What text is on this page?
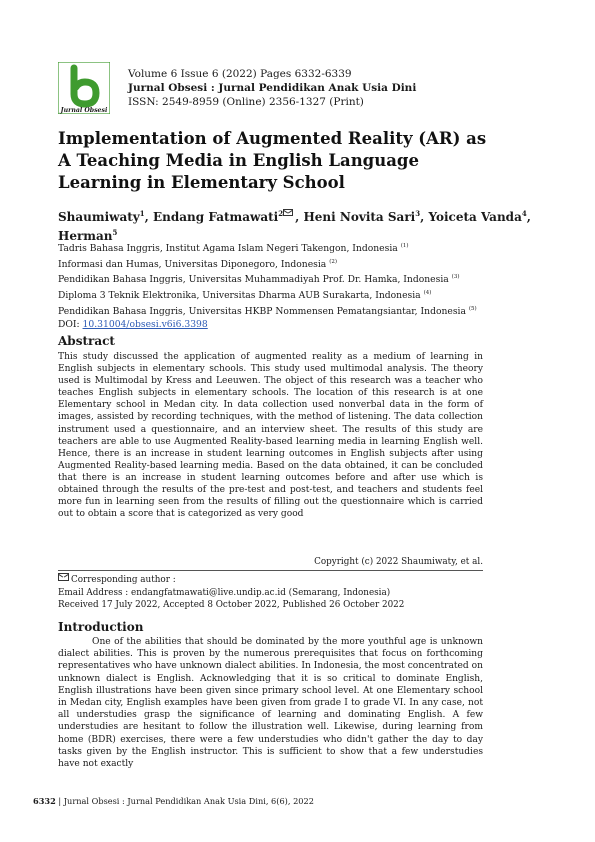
Jurnal Obsesi
Volume 6 Issue 6 (2022) Pages 6332-6339
Jurnal Obsesi : Jurnal Pendidikan Anak Usia Dini
ISSN: 2549-8959 (Online) 2356-1327 (Print)
Implementation of Augmented Reality (AR) as A Teaching Media in English Language Learning in Elementary School
Shaumiwaty$^1$, Endang Fatmawati$^2$ , Heni Novita Sari$^3$, Yoiceta Vanda$^4$, Herman$^5$
Tadris Bahasa Inggris, Institut Agama Islam Negeri Takengon, Indonesia $^{(1)}$
Informasi dan Humas, Universitas Diponegoro, Indonesia $^{(2)}$
Pendidikan Bahasa Inggris, Universitas Muhammadiyah Prof. Dr. Hamka, Indonesia $^{(3)}$
Diploma 3 Teknik Elektronika, Universitas Dharma AUB Surakarta, Indonesia $^{(4)}$
Pendidikan Bahasa Inggris, Universitas HKBP Nommensen Pematangsiantar, Indonesia $^{(5)}$
DOI: 10.31004/obsesi.v6i6.3398
Abstract
This study discussed the application of augmented reality as a medium of learning in English subjects in elementary schools. This study used multimodal analysis. The theory used is Multimodal by Kress and Leeuwen. The object of this research was a teacher who teaches English subjects in elementary schools. The location of this research is at one Elementary school in Medan city. In data collection used nonverbal data in the form of images, assisted by recording techniques, with the method of listening. The data collection instrument used a questionnaire, and an interview sheet. The results of this study are teachers are able to use Augmented Reality-based learning media in learning English well. Hence, there is an increase in student learning outcomes in English subjects after using Augmented Reality-based learning media. Based on the data obtained, it can be concluded that there is an increase in student learning outcomes before and after use which is obtained through the results of the pre-test and post-test, and teachers and students feel more fun in learning seen from the results of filling out the questionnaire which is carried out to obtain a score that is categorized as very good
Copyright (c) 2022 Shaumiwaty, et al.
Corresponding author :
Email Address : endangfatmawati@live.undip.ac.id (Semarang, Indonesia)
Received 17 July 2022, Accepted 8 October 2022, Published 26 October 2022
Introduction
One of the abilities that should be dominated by the more youthful age is unknown dialect abilities. This is proven by the numerous prerequisites that focus on forthcoming representatives who have unknown dialect abilities. In Indonesia, the most concentrated on unknown dialect is English. Acknowledging that it is so critical to dominate English, English illustrations have been given since primary school level. At one Elementary school in Medan city, English examples have been given from grade I to grade VI. In any case, not all understudies grasp the significance of learning and dominating English. A few understudies are hesitant to follow the illustration well. Likewise, during learning from home (BDR) exercises, there were a few understudies who didn't gather the day to day tasks given by the English instructor. This is sufficient to show that a few understudies have not exactly
6332 | Jurnal Obsesi : Jurnal Pendidikan Anak Usia Dini, 6(6), 2022
